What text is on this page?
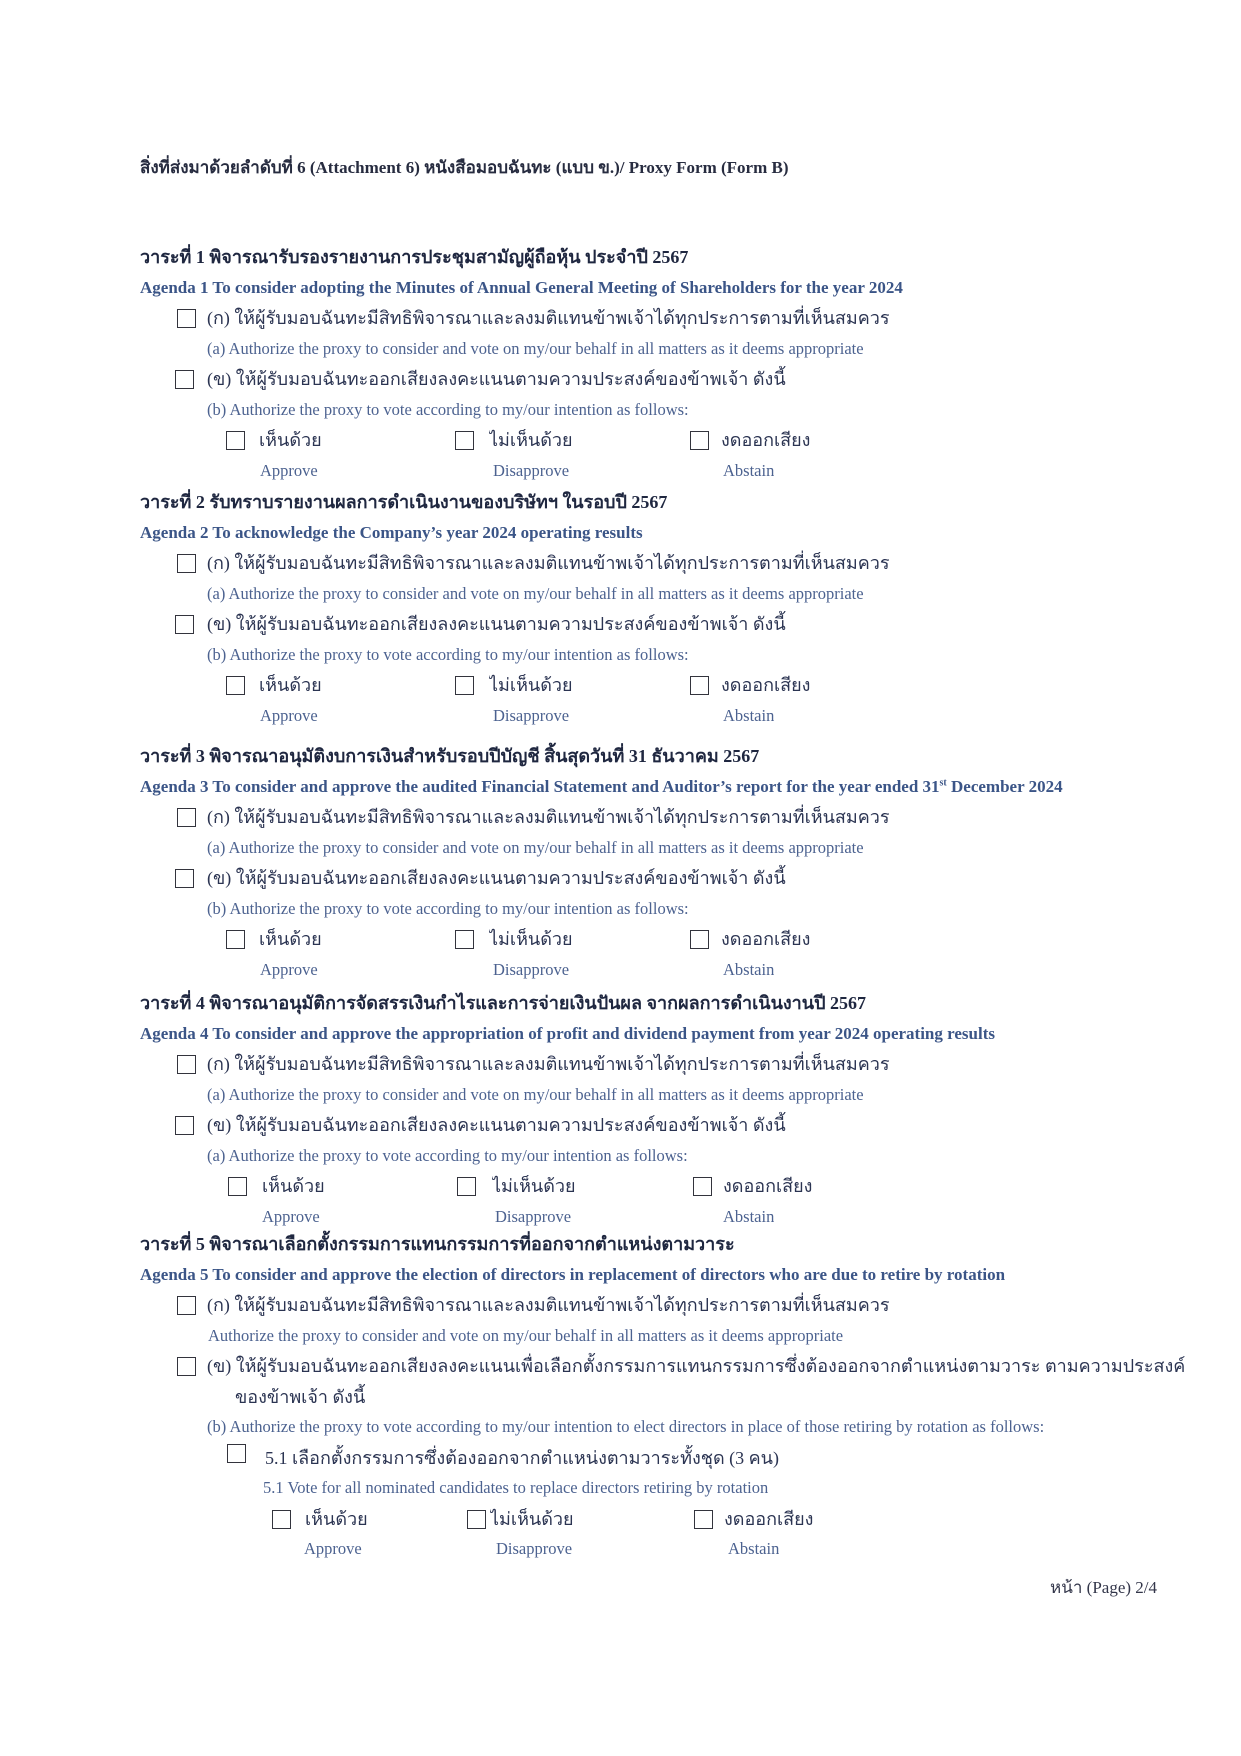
สิ่งที่ส่งมาด้วยลำดับที่ 6 (Attachment 6) หนังสือมอบฉันทะ (แบบ ข.)/ Proxy Form (Form B)
วาระที่ 1 พิจารณารับรองรายงานการประชุมสามัญผู้ถือหุ้น ประจำปี 2567
Agenda 1 To consider adopting the Minutes of Annual General Meeting of Shareholders for the year 2024
(ก) ให้ผู้รับมอบฉันทะมีสิทธิพิจารณาและลงมติแทนข้าพเจ้าได้ทุกประการตามที่เห็นสมควร
(a) Authorize the proxy to consider and vote on my/our behalf in all matters as it deems appropriate
(ข) ให้ผู้รับมอบฉันทะออกเสียงลงคะแนนตามความประสงค์ของข้าพเจ้า ดังนี้
(b) Authorize the proxy to vote according to my/our intention as follows:
เห็นด้วย	ไม่เห็นด้วย	งดออกเสียง
Approve	Disapprove	Abstain
วาระที่ 2 รับทราบรายงานผลการดำเนินงานของบริษัทฯ ในรอบปี 2567
Agenda 2 To acknowledge the Company’s year 2024 operating results
(ก) ให้ผู้รับมอบฉันทะมีสิทธิพิจารณาและลงมติแทนข้าพเจ้าได้ทุกประการตามที่เห็นสมควร
(a) Authorize the proxy to consider and vote on my/our behalf in all matters as it deems appropriate
(ข) ให้ผู้รับมอบฉันทะออกเสียงลงคะแนนตามความประสงค์ของข้าพเจ้า ดังนี้
(b) Authorize the proxy to vote according to my/our intention as follows:
เห็นด้วย	ไม่เห็นด้วย	งดออกเสียง
Approve	Disapprove	Abstain
วาระที่ 3 พิจารณาอนุมัติงบการเงินสำหรับรอบปีบัญชี สิ้นสุดวันที่ 31 ธันวาคม 2567
Agenda 3 To consider and approve the audited Financial Statement and Auditor’s report for the year ended 31st December 2024
(ก) ให้ผู้รับมอบฉันทะมีสิทธิพิจารณาและลงมติแทนข้าพเจ้าได้ทุกประการตามที่เห็นสมควร
(a) Authorize the proxy to consider and vote on my/our behalf in all matters as it deems appropriate
(ข) ให้ผู้รับมอบฉันทะออกเสียงลงคะแนนตามความประสงค์ของข้าพเจ้า ดังนี้
(b) Authorize the proxy to vote according to my/our intention as follows:
เห็นด้วย	ไม่เห็นด้วย	งดออกเสียง
Approve	Disapprove	Abstain
วาระที่ 4 พิจารณาอนุมัติการจัดสรรเงินกำไรและการจ่ายเงินปันผล จากผลการดำเนินงานปี 2567
Agenda 4 To consider and approve the appropriation of profit and dividend payment from year 2024 operating results
(ก) ให้ผู้รับมอบฉันทะมีสิทธิพิจารณาและลงมติแทนข้าพเจ้าได้ทุกประการตามที่เห็นสมควร
(a) Authorize the proxy to consider and vote on my/our behalf in all matters as it deems appropriate
(ข) ให้ผู้รับมอบฉันทะออกเสียงลงคะแนนตามความประสงค์ของข้าพเจ้า ดังนี้
(a) Authorize the proxy to vote according to my/our intention as follows:
เห็นด้วย	ไม่เห็นด้วย	งดออกเสียง
Approve	Disapprove	Abstain
วาระที่ 5 พิจารณาเลือกตั้งกรรมการแทนกรรมการที่ออกจากตำแหน่งตามวาระ
Agenda 5 To consider and approve the election of directors in replacement of directors who are due to retire by rotation
(ก) ให้ผู้รับมอบฉันทะมีสิทธิพิจารณาและลงมติแทนข้าพเจ้าได้ทุกประการตามที่เห็นสมควร
Authorize the proxy to consider and vote on my/our behalf in all matters as it deems appropriate
(ข) ให้ผู้รับมอบฉันทะออกเสียงลงคะแนนเพื่อเลือกตั้งกรรมการแทนกรรมการซึ่งต้องออกจากตำแหน่งตามวาระ ตามความประสงค์
ของข้าพเจ้า ดังนี้
(b) Authorize the proxy to vote according to my/our intention to elect directors in place of those retiring by rotation as follows:
5.1 เลือกตั้งกรรมการซึ่งต้องออกจากตำแหน่งตามวาระทั้งชุด (3 คน)
5.1 Vote for all nominated candidates to replace directors retiring by rotation
เห็นด้วย	ไม่เห็นด้วย	งดออกเสียง
Approve	Disapprove	Abstain
หน้า (Page) 2/4
